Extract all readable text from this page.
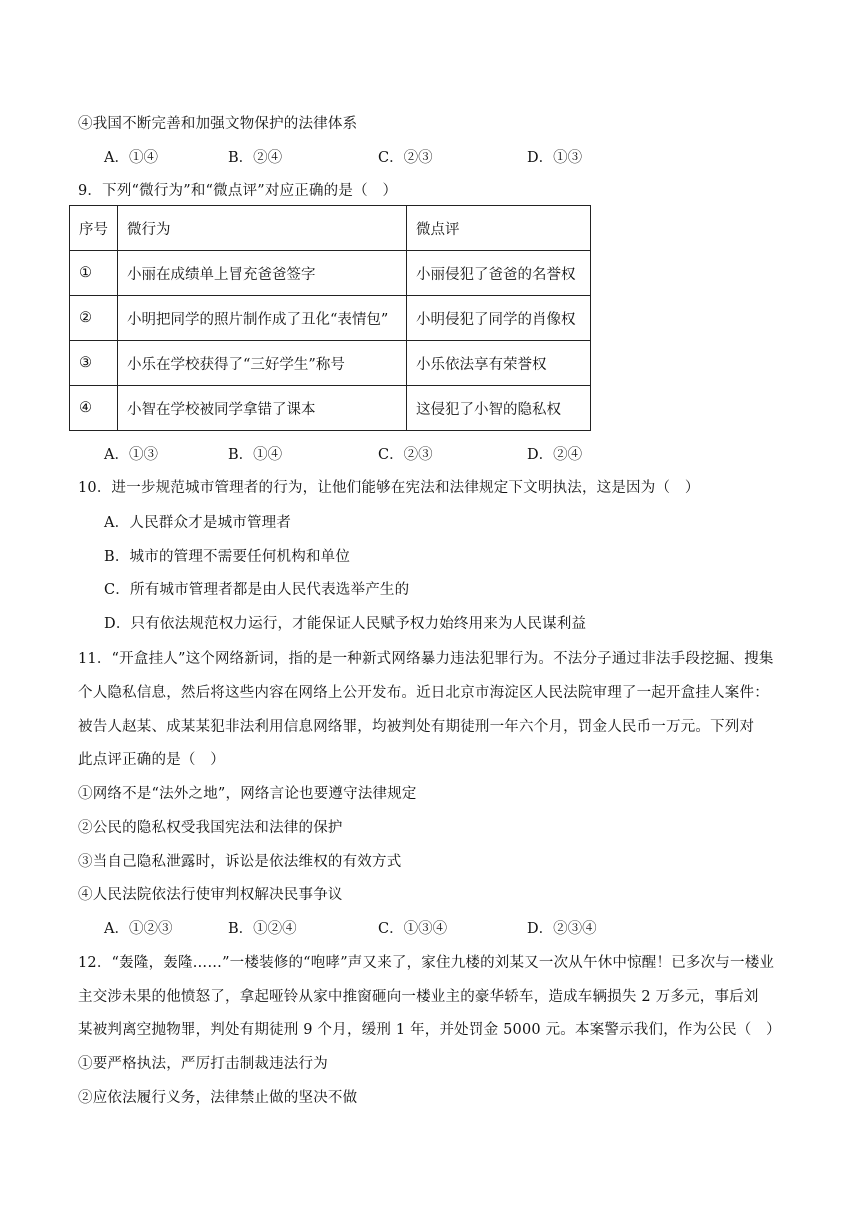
④我国不断完善和加强文物保护的法律体系
A．①④	B．②④	C．②③	D．①③
9．下列“微行为”和“微点评”对应正确的是（　）
序号	微行为	微点评
①	小丽在成绩单上冒充爸爸签字	小丽侵犯了爸爸的名誉权
②	小明把同学的照片制作成了丑化“表情包”	小明侵犯了同学的肖像权
③	小乐在学校获得了“三好学生”称号	小乐依法享有荣誉权
④	小智在学校被同学拿错了课本	这侵犯了小智的隐私权
A．①③	B．①④	C．②③	D．②④
10．进一步规范城市管理者的行为，让他们能够在宪法和法律规定下文明执法，这是因为（　）
A．人民群众才是城市管理者
B．城市的管理不需要任何机构和单位
C．所有城市管理者都是由人民代表选举产生的
D．只有依法规范权力运行，才能保证人民赋予权力始终用来为人民谋利益
11．“开盒挂人”这个网络新词，指的是一种新式网络暴力违法犯罪行为。不法分子通过非法手段挖掘、搜集
个人隐私信息，然后将这些内容在网络上公开发布。近日北京市海淀区人民法院审理了一起开盒挂人案件：
被告人赵某、成某某犯非法利用信息网络罪，均被判处有期徒刑一年六个月，罚金人民币一万元。下列对
此点评正确的是（　）
①网络不是“法外之地”，网络言论也要遵守法律规定
②公民的隐私权受我国宪法和法律的保护
③当自己隐私泄露时，诉讼是依法维权的有效方式
④人民法院依法行使审判权解决民事争议
A．①②③	B．①②④	C．①③④	D．②③④
12．“轰隆，轰隆……”一楼装修的“咆哮”声又来了，家住九楼的刘某又一次从午休中惊醒！已多次与一楼业
主交涉未果的他愤怒了，拿起哑铃从家中推窗砸向一楼业主的豪华轿车，造成车辆损失 2 万多元，事后刘
某被判离空抛物罪，判处有期徒刑 9 个月，缓刑 1 年，并处罚金 5000 元。本案警示我们，作为公民（　）
①要严格执法，严厉打击制裁违法行为
②应依法履行义务，法律禁止做的坚决不做
